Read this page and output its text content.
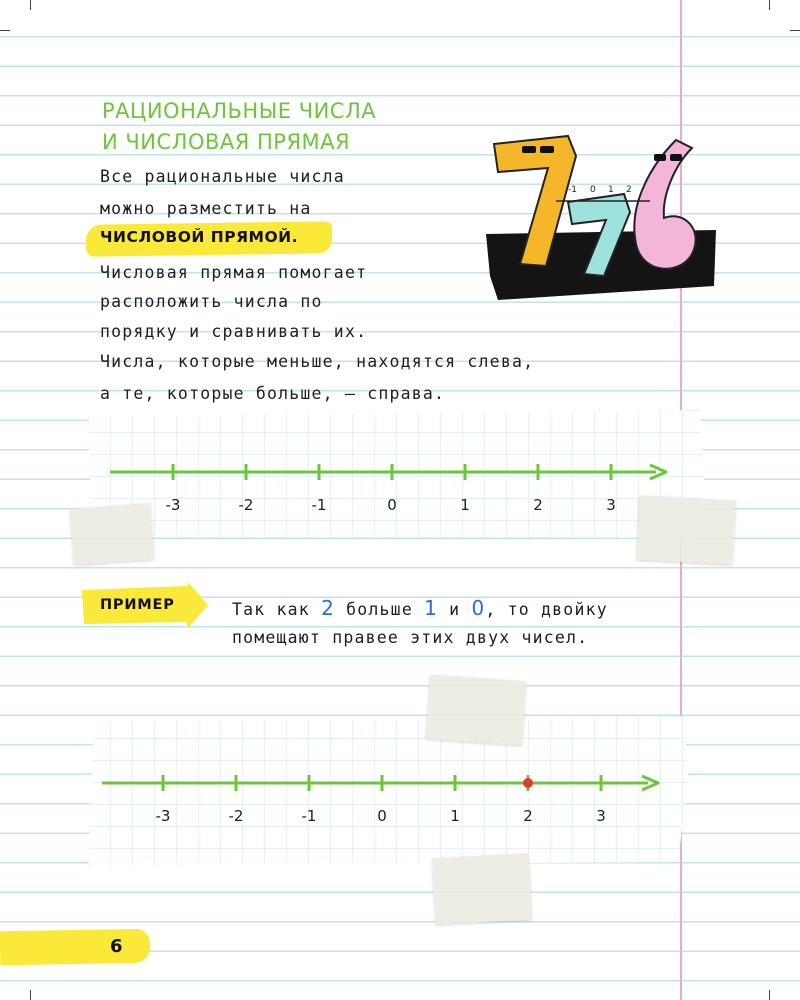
РАЦИОНАЛЬНЫЕ ЧИСЛА
И ЧИСЛОВАЯ ПРЯМАЯ
Все рациональные числа
можно разместить на
ЧИСЛОВОЙ ПРЯМОЙ.
Числовая прямая помогает
расположить числа по
порядку и сравнивать их.
Числа, которые меньше, находятся слева,
а те, которые больше, — справа.
-1 0 1 2
-3	-2	-1	0	1	2	3
ПРИМЕР	Так как 2 больше 1 и 0, то двойку
помещают правее этих двух чисел.
-3	-2	-1	0	1	2	3
6
